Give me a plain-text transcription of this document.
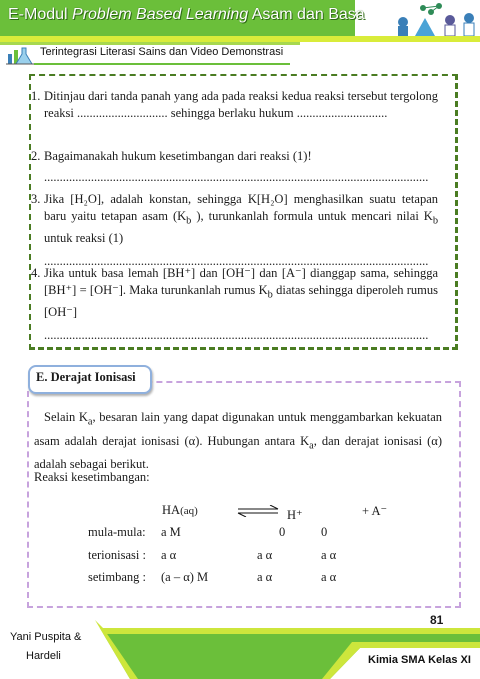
E-Modul Problem Based Learning Asam dan Basa
Terintegrasi Literasi Sains dan Video Demonstrasi
1. Ditinjau dari tanda panah yang ada pada reaksi kedua reaksi tersebut tergolong reaksi ............................. sehingga berlaku hukum .............................
2. Bagaimanakah hukum kesetimbangan dari reaksi (1)!
...........................................................................................................................
3. Jika [H₂O], adalah konstan, sehingga K[H₂O] menghasilkan suatu tetapan baru yaitu tetapan asam ($K_b$ ), turunkanlah formula untuk mencari nilai $K_b$ untuk reaksi (1)
...........................................................................................................................
4. Jika untuk basa lemah [BH⁺] dan [OH⁻] dan [A⁻] dianggap sama, sehingga [BH⁺] = [OH⁻]. Maka turunkanlah rumus $K_b$ diatas sehingga diperoleh rumus [OH⁻]
...........................................................................................................................
E. Derajat Ionisasi
Selain $K_a$, besaran lain yang dapat digunakan untuk menggambarkan kekuatan asam adalah derajat ionisasi (α). Hubungan antara $K_a$, dan derajat ionisasi (α) adalah sebagai berikut.
Reaksi kesetimbangan:
HA(aq) ⇌ H⁺	+ A⁻
mula-mula: a M	0	0
terionisasi : a α	a α	a α
setimbang : (a – α) M	a α	a α
81
Yani Puspita &
Hardeli	Kimia SMA Kelas XI
